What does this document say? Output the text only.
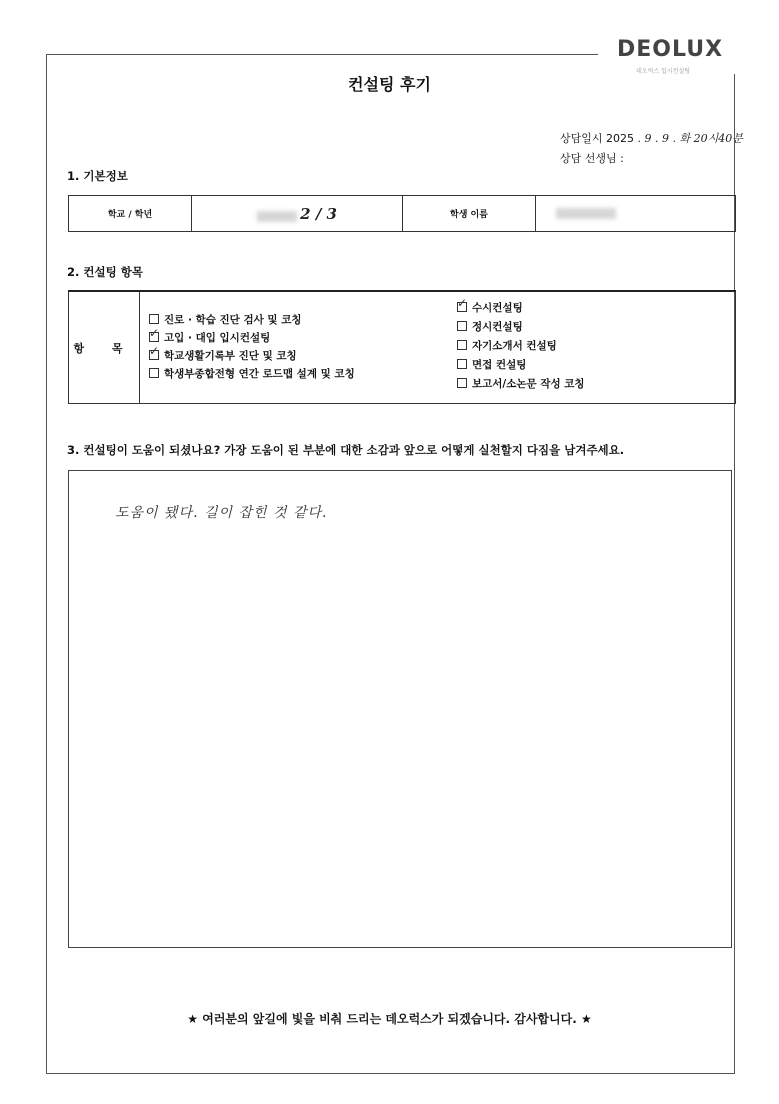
DEOLUX
데오럭스 입시컨설팅
컨설팅 후기
상담일시 2025 . 9 . 9 . 화 20시40분
상담 선생님 :
1. 기본정보
학교 / 학년	2 / 3	학생 이름	
2. 컨설팅 항목
항 목
진로 · 학습 진단 검사 및 코칭
✓고입 · 대입 입시컨설팅
✓학교생활기록부 진단 및 코칭
학생부종합전형 연간 로드맵 설계 및 코칭
✓수시컨설팅
정시컨설팅
자기소개서 컨설팅
면접 컨설팅
보고서/소논문 작성 코칭
3. 컨설팅이 도움이 되셨나요? 가장 도움이 된 부분에 대한 소감과 앞으로 어떻게 실천할지 다짐을 남겨주세요.
도움이 됐다. 길이 잡힌 것 같다.
★ 여러분의 앞길에 빛을 비춰 드리는 데오럭스가 되겠습니다. 감사합니다. ★
